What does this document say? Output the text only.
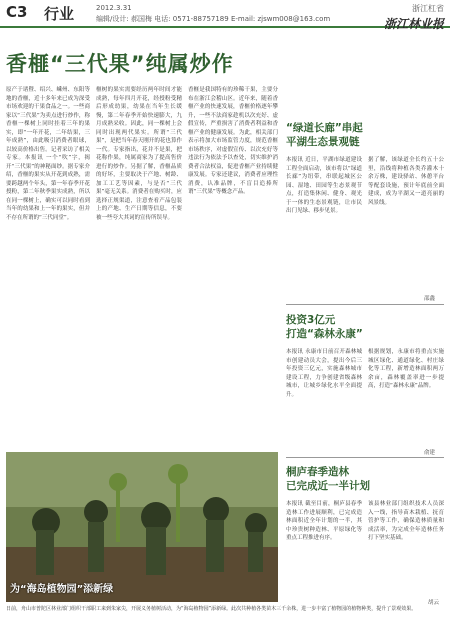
C3 行业	2012.3.31
编辑/设计: 郝国梅 电话: 0571-88757189 E-mail: zjswm008@163.com
浙江杠省
浙江林业报
香榧“三代果”纯属炒作
原产于诸暨、绍兴、嵊州、东阳等地的香榧，近十多年来已成为深受市场欢迎的干果食品之一。一些商家以“三代果”为卖点进行炒作，称香榧一棵树上同时挂着三年的果实，即“一年开花，二年结果，三年成熟”，由此吸引消费者眼球，以较高价格出售。记者采访了相关专家。本报讯 一个“吹”字，揭开“三代果”的神秘面纱。据专家介绍，香榧的果实从开花到成熟，需要跨越两个年头，第一年春季开花授粉，第二年秋季果实成熟，所以在同一棵树上，确实可以同时看到当年的幼果和上一年的果实，但并不存在所谓的“三代同堂”。
榧树的果实需要经历两年时间才能成熟，每年四月开花，经授粉受精后形成幼果，幼果在当年生长缓慢，第二年春季开始快速膨大，九月成熟采收。因此，同一棵树上会同时出现两代果实。所谓“三代果”，是把当年春天刚开的花也算作一代。专家指出，花并不是果，把花称作果，纯属商家为了提高售价进行的炒作。另据了解，香榧品质的好坏，主要取决于产地、树龄、加工工艺等因素，与是否“三代果”毫无关系。消费者在购买时，应选择正规渠道，注意查看产品包装上的产地、生产日期等信息，不要被一些夸大其词的宣传所误导。
香榧是我国特有的珍稀干果，主要分布在浙江会稽山区。近年来，随着香榧产业的快速发展，香榧价格逐年攀升，一些不法商家趁机以次充好、虚假宣传，严重损害了消费者利益和香榧产业的健康发展。为此，相关部门表示将加大市场监管力度，规范香榧市场秩序，对虚假宣传、以次充好等违法行为依法予以查处，切实维护消费者合法权益，促进香榧产业持续健康发展。专家还建议，消费者应理性消费，认准品牌，不盲目追捧所谓“三代果”等概念产品。
为“海岛植物园”添新绿
日前，舟山市普陀区林业部门组织干部职工来到朱家尖，开展义务植树活动，为“海岛植物园”添新绿。此次共种植各类苗木三千余株，进一步丰富了植物园的植物种类，提升了景观效果。
“绿道长廊”串起
平湖生态景观链
本报讯 近日，平湖市绿道建设工程全面启动，该市将以“绿道长廊”为纽带，串联起城区公园、湿地、田园等生态景观节点，打造集休闲、健身、观光于一体的生态景观链，让市民出门见绿、移步见景。
据了解，该绿道全长约五十公里，沿线将种植各类乔灌木十余万株，建设驿站、休憩平台等配套设施，预计年底前全面建成，成为平湖又一道亮丽的风景线。
邵鑫
投资3亿元
打造“森林永康”
本报讯 永康市日前召开森林城市创建动员大会，提出今后三年投资三亿元，实施森林城市建设工程，力争创建省级森林城市，让城乡绿化水平全面提升。
根据规划，永康市将重点实施城区绿化、通道绿化、村庄绿化等工程，新增造林面积两万余亩，森林覆盖率进一步提高，打造“森林永康”品牌。
俞建
桐庐春季造林
已完成近一半计划
本报讯 截至目前，桐庐县春季造林工作进展顺利，已完成造林面积近全年计划的一半，其中珍贵树种造林、平原绿化等重点工程推进有序。
该县林业部门组织技术人员深入一线，指导苗木栽植、抚育管护等工作，确保造林质量和成活率，为完成全年造林任务打下坚实基础。
胡云
